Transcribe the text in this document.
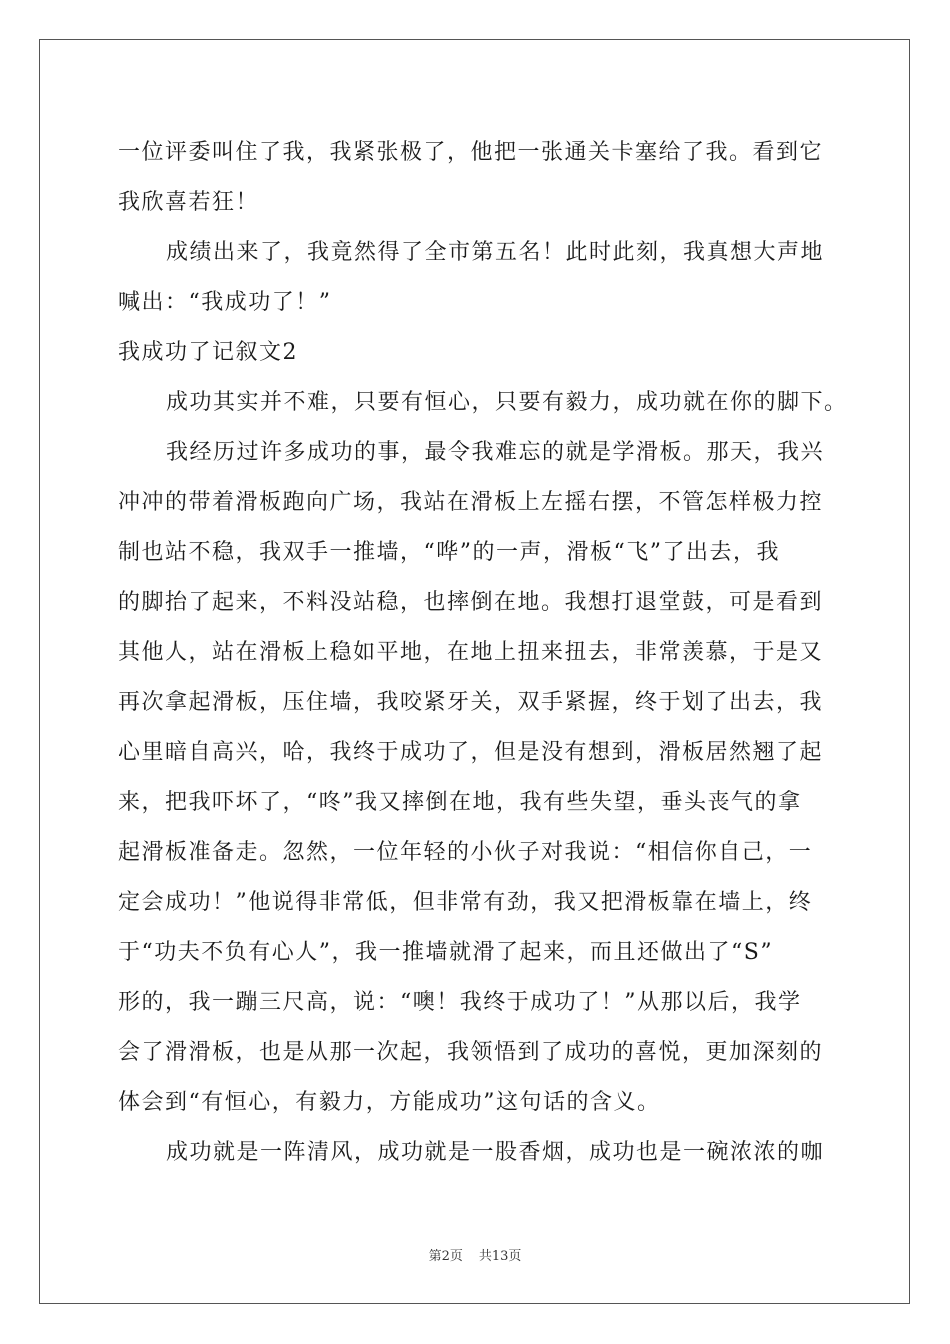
一位评委叫住了我，我紧张极了，他把一张通关卡塞给了我。看到它
我欣喜若狂！
成绩出来了，我竟然得了全市第五名！此时此刻，我真想大声地
喊出：“我成功了！”
我成功了记叙文2
成功其实并不难，只要有恒心，只要有毅力，成功就在你的脚下。
我经历过许多成功的事，最令我难忘的就是学滑板。那天，我兴
冲冲的带着滑板跑向广场，我站在滑板上左摇右摆，不管怎样极力控
制也站不稳，我双手一推墙，“哗”的一声，滑板“飞”了出去，我
的脚抬了起来，不料没站稳，也摔倒在地。我想打退堂鼓，可是看到
其他人，站在滑板上稳如平地，在地上扭来扭去，非常羡慕，于是又
再次拿起滑板，压住墙，我咬紧牙关，双手紧握，终于划了出去，我
心里暗自高兴，哈，我终于成功了，但是没有想到，滑板居然翘了起
来，把我吓坏了，“咚”我又摔倒在地，我有些失望，垂头丧气的拿
起滑板准备走。忽然，一位年轻的小伙子对我说：“相信你自己，一
定会成功！”他说得非常低，但非常有劲，我又把滑板靠在墙上，终
于“功夫不负有心人”，我一推墙就滑了起来，而且还做出了“S”
形的，我一蹦三尺高，说：“噢！我终于成功了！”从那以后，我学
会了滑滑板，也是从那一次起，我领悟到了成功的喜悦，更加深刻的
体会到“有恒心，有毅力，方能成功”这句话的含义。
成功就是一阵清风，成功就是一股香烟，成功也是一碗浓浓的咖
第2页 共13页
